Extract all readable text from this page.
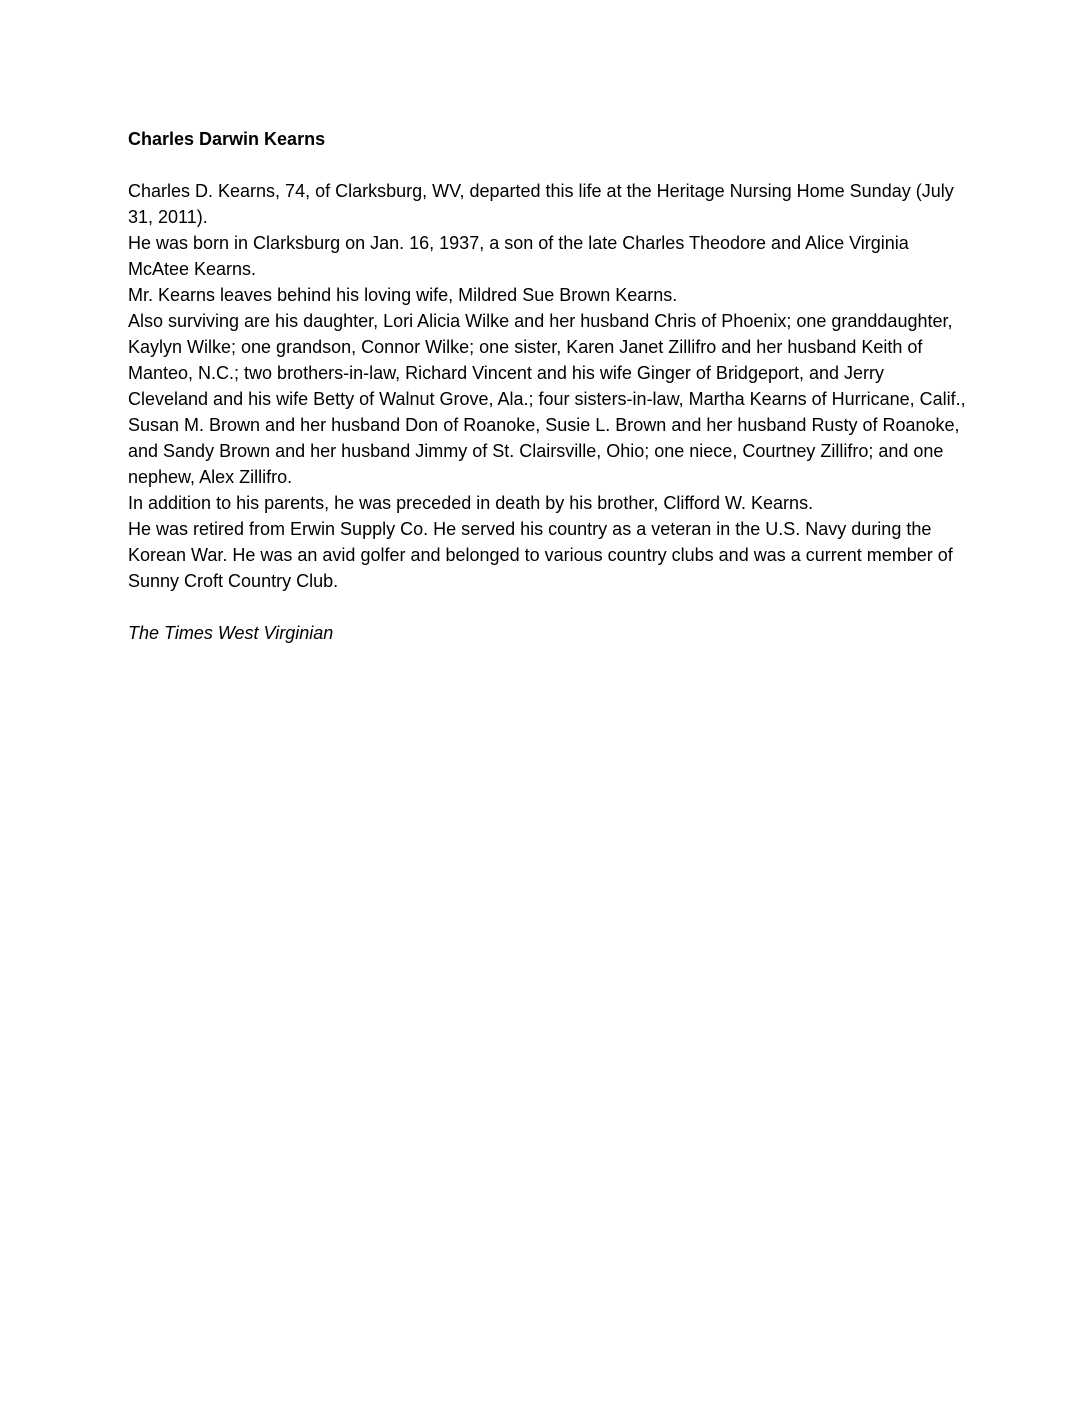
Charles Darwin Kearns

Charles D. Kearns, 74, of Clarksburg, WV, departed this life at the Heritage Nursing Home Sunday (July 31, 2011).

He was born in Clarksburg on Jan. 16, 1937, a son of the late Charles Theodore and Alice Virginia McAtee Kearns.

Mr. Kearns leaves behind his loving wife, Mildred Sue Brown Kearns.

Also surviving are his daughter, Lori Alicia Wilke and her husband Chris of Phoenix; one granddaughter, Kaylyn Wilke; one grandson, Connor Wilke; one sister, Karen Janet Zillifro and her husband Keith of Manteo, N.C.; two brothers-in-law, Richard Vincent and his wife Ginger of Bridgeport, and Jerry Cleveland and his wife Betty of Walnut Grove, Ala.; four sisters-in-law, Martha Kearns of Hurricane, Calif., Susan M. Brown and her husband Don of Roanoke, Susie L. Brown and her husband Rusty of Roanoke, and Sandy Brown and her husband Jimmy of St. Clairsville, Ohio; one niece, Courtney Zillifro; and one nephew, Alex Zillifro.

In addition to his parents, he was preceded in death by his brother, Clifford W. Kearns.

He was retired from Erwin Supply Co. He served his country as a veteran in the U.S. Navy during the Korean War. He was an avid golfer and belonged to various country clubs and was a current member of Sunny Croft Country Club.

The Times West Virginian
